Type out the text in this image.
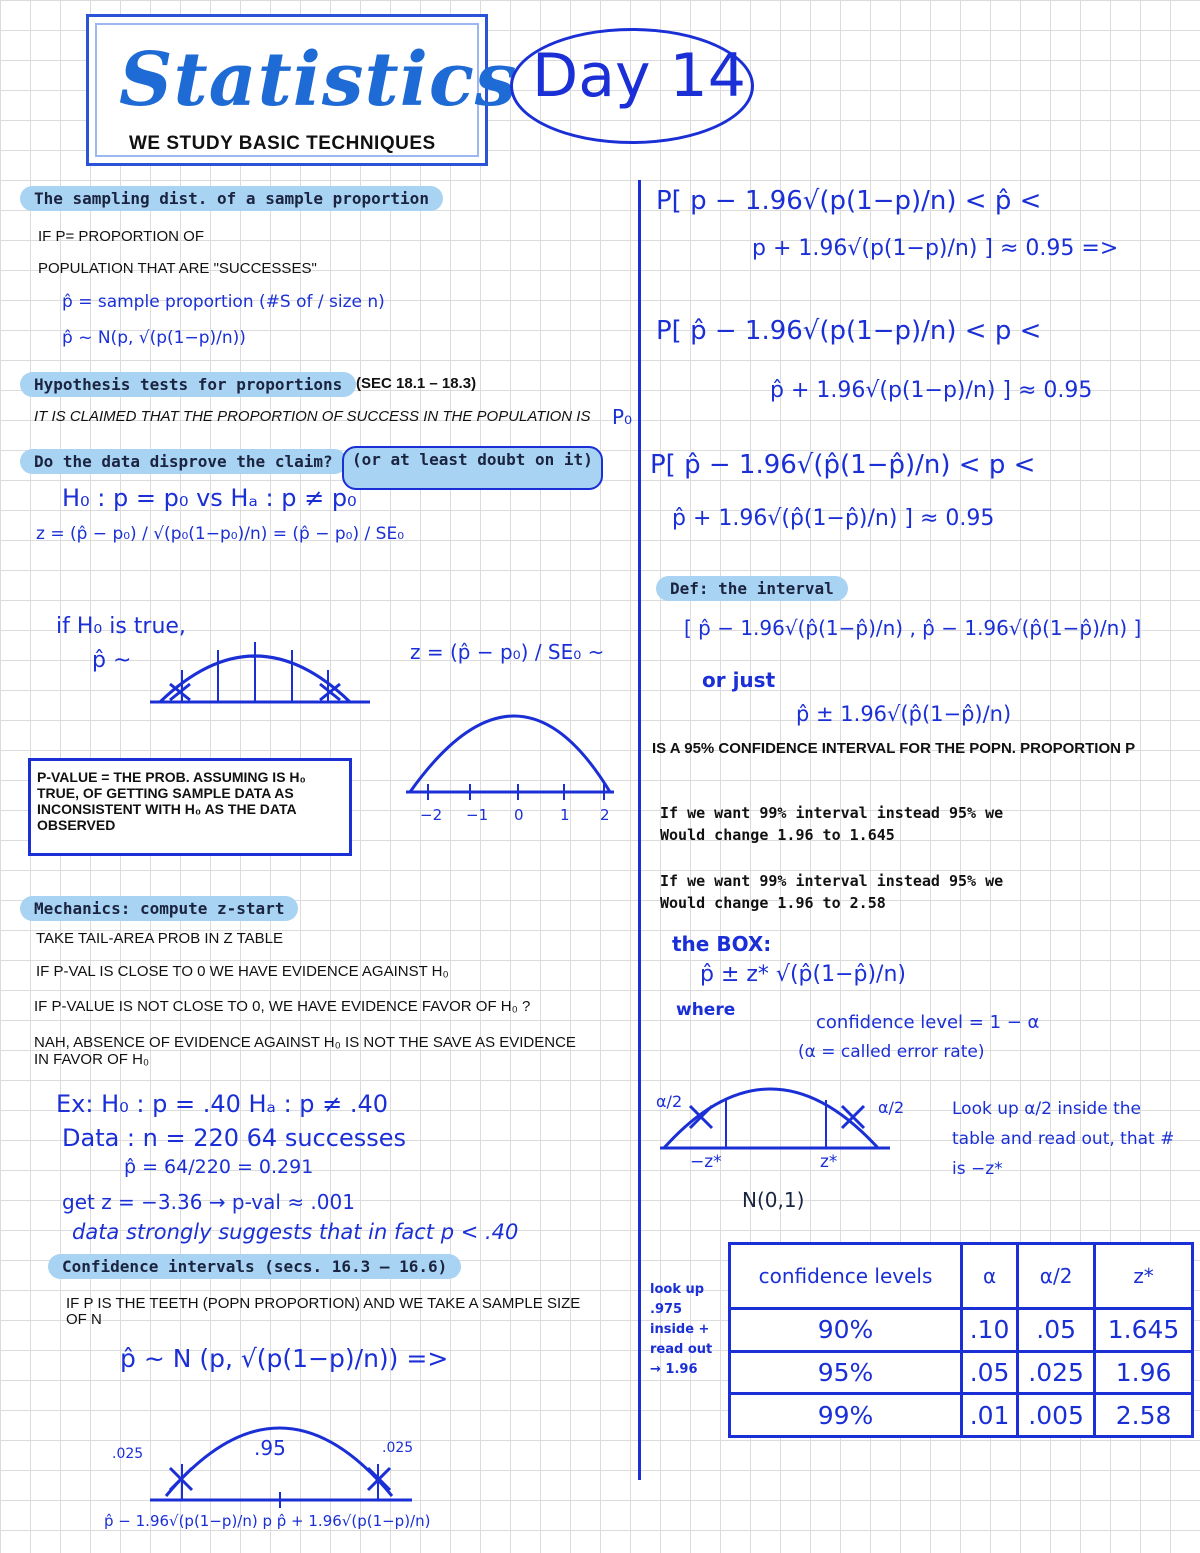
Statistics
WE STUDY BASIC TECHNIQUES
Day 14
The sampling dist. of a sample proportion
IF P= PROPORTION OF
POPULATION THAT ARE "SUCCESSES"
p̂ = sample proportion (#S of / size n)
p̂ ~ N(p, √(p(1−p)/n))
Hypothesis tests for proportions (SEC 18.1 – 18.3)
IT IS CLAIMED THAT THE PROPORTION OF SUCCESS IN THE POPULATION IS P₀
Do the data disprove the claim?	(or at least doubt on it)
H₀ : p = p₀ vs Hₐ : p ≠ p₀
z = (p̂ − p₀) / √(p₀(1−p₀)/n) = (p̂ − p₀) / SE₀
if H₀ is true,
p̂ ~	z = (p̂ − p₀) / SE₀ ~
−2 −1 0 1 2
P-VALUE = THE PROB. ASSUMING IS H₀ TRUE, OF GETTING SAMPLE DATA AS INCONSISTENT WITH H₀ AS THE DATA OBSERVED
Mechanics: compute z-start
TAKE TAIL-AREA PROB IN Z TABLE
IF P-VAL IS CLOSE TO 0 WE HAVE EVIDENCE AGAINST H₀
IF P-VALUE IS NOT CLOSE TO 0, WE HAVE EVIDENCE FAVOR OF H₀ ?
NAH, ABSENCE OF EVIDENCE AGAINST H₀ IS NOT THE SAVE AS EVIDENCE IN FAVOR OF H₀
Ex: H₀ : p = .40 Hₐ : p ≠ .40
Data : n = 220 64 successes
p̂ = 64/220 = 0.291
get z = −3.36 → p-val ≈ .001
data strongly suggests that in fact p < .40
Confidence intervals (secs. 16.3 – 16.6)
IF P IS THE TEETH (POPN PROPORTION) AND WE TAKE A SAMPLE SIZE OF N
p̂ ~ N (p, √(p(1−p)/n)) =>
.95
.025	.025
p̂ − 1.96√(p(1−p)/n) p p̂ + 1.96√(p(1−p)/n)
P[ p − 1.96√(p(1−p)/n) < p̂ <
p + 1.96√(p(1−p)/n) ] ≈ 0.95 =>
P[ p̂ − 1.96√(p(1−p)/n) < p <
p̂ + 1.96√(p(1−p)/n) ] ≈ 0.95
P[ p̂ − 1.96√(p̂(1−p̂)/n) < p <
p̂ + 1.96√(p̂(1−p̂)/n) ] ≈ 0.95
Def: the interval
[ p̂ − 1.96√(p̂(1−p̂)/n) , p̂ − 1.96√(p̂(1−p̂)/n) ]
or just
p̂ ± 1.96√(p̂(1−p̂)/n)
IS A 95% CONFIDENCE INTERVAL FOR THE POPN. PROPORTION P
If we want 99% interval instead 95% we
Would change 1.96 to 1.645
If we want 99% interval instead 95% we
Would change 1.96 to 2.58
the BOX:
p̂ ± z* √(p̂(1−p̂)/n)
where
confidence level = 1 − α
(α = called error rate)
α/2	α/2
−z*	z*
Look up α/2 inside the table and read out, that # is −z*
N(0,1)
look up .975 inside + read out → 1.96
confidence levels	α	α/2	z*
90%	.10	.05	1.645
95%	.05	.025	1.96
99%	.01	.005	2.58
